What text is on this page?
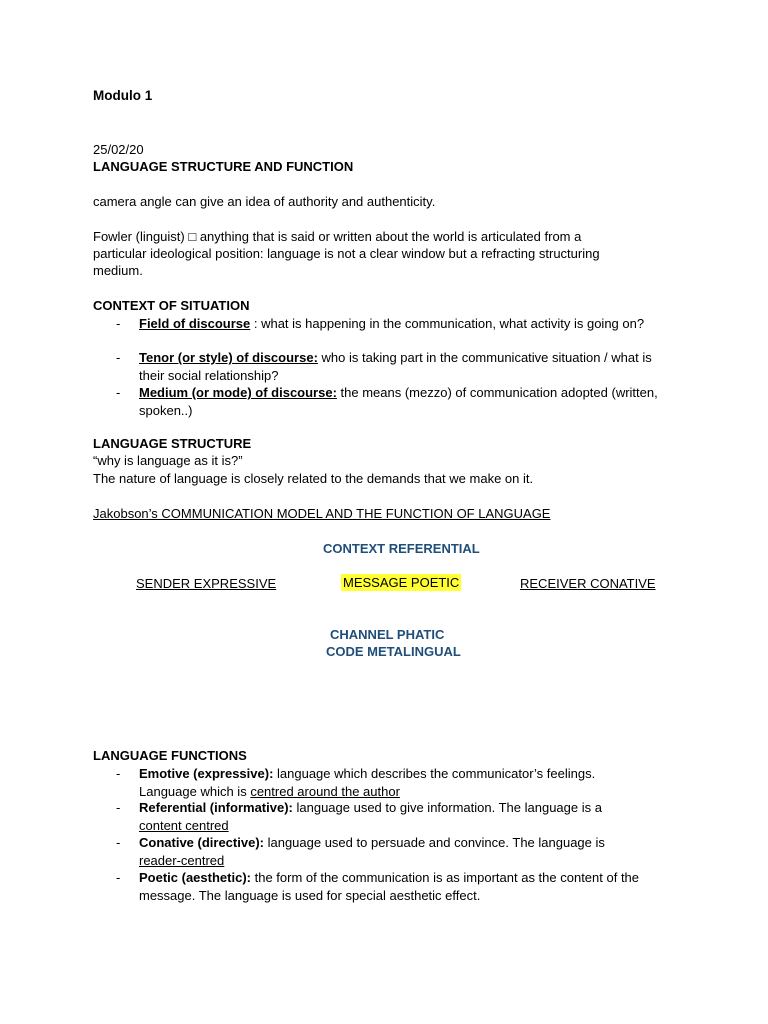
Modulo 1
25/02/20
LANGUAGE STRUCTURE AND FUNCTION
camera angle can give an idea of authority and authenticity.
Fowler (linguist) □ anything that is said or written about the world is articulated from a
particular ideological position: language is not a clear window but a refracting structuring
medium.
CONTEXT OF SITUATION
- Field of discourse : what is happening in the communication, what activity is going on?
- Tenor (or style) of discourse: who is taking part in the communicative situation / what is their social relationship?
- Medium (or mode) of discourse: the means (mezzo) of communication adopted (written, spoken..)
LANGUAGE STRUCTURE
“why is language as it is?”
The nature of language is closely related to the demands that we make on it.
Jakobson’s COMMUNICATION MODEL AND THE FUNCTION OF LANGUAGE
CONTEXT REFERENTIAL
SENDER EXPRESSIVE	MESSAGE POETIC	RECEIVER CONATIVE
CHANNEL PHATIC
CODE METALINGUAL
LANGUAGE FUNCTIONS
- Emotive (expressive): language which describes the communicator’s feelings.
Language which is centred around the author
- Referential (informative): language used to give information. The language is a
content centred
- Conative (directive): language used to persuade and convince. The language is
reader-centred
- Poetic (aesthetic): the form of the communication is as important as the content of the message. The language is used for special aesthetic effect.
